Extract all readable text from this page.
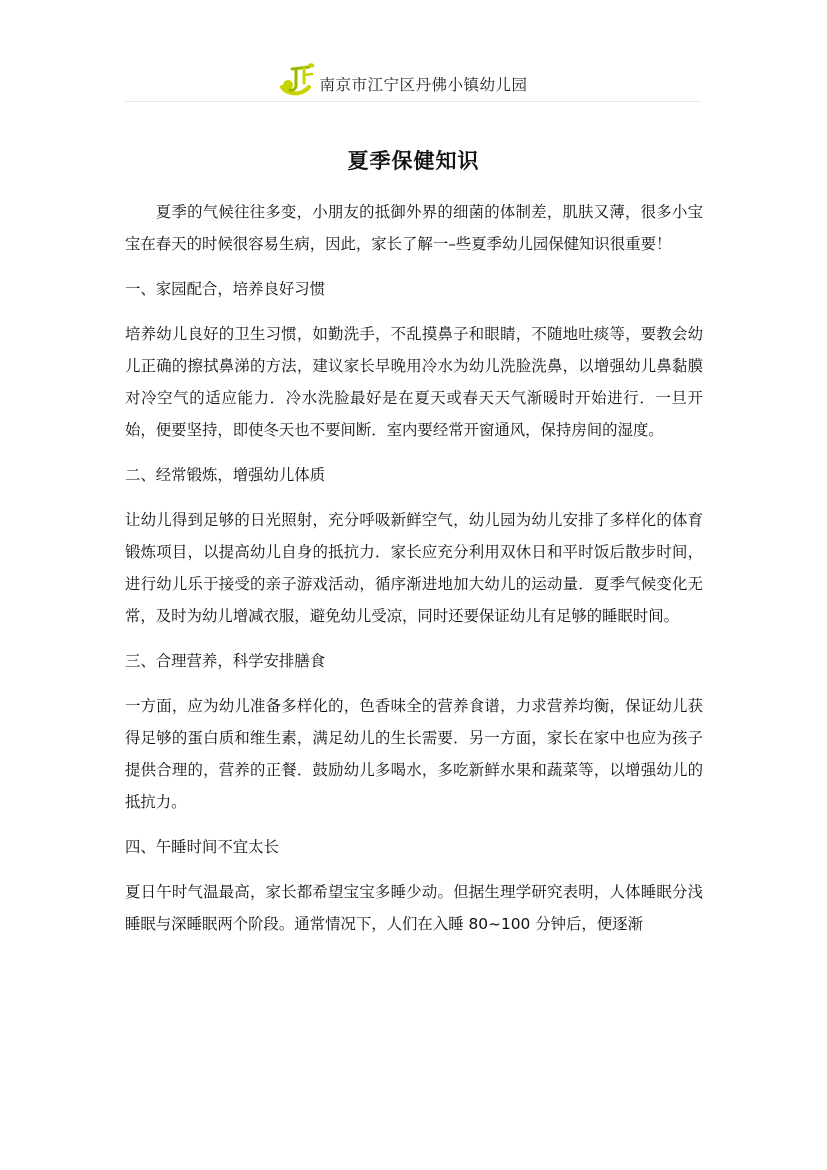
南京市江宁区丹佛小镇幼儿园
夏季保健知识

夏季的气候往往多变，小朋友的抵御外界的细菌的体制差，肌肤又薄，很多小宝宝在春天的时候很容易生病，因此，家长了解一–些夏季幼儿园保健知识很重要！

一、家园配合，培养良好习惯

培养幼儿良好的卫生习惯，如勤洗手，不乱摸鼻子和眼睛，不随地吐痰等，要教会幼儿正确的擦拭鼻涕的方法，建议家长早晚用冷水为幼儿洗脸洗鼻，以增强幼儿鼻黏膜对冷空气的适应能力．冷水洗脸最好是在夏天或春天天气渐暖时开始进行．一旦开始，便要坚持，即使冬天也不要间断．室内要经常开窗通风，保持房间的湿度。

二、经常锻炼，增强幼儿体质

让幼儿得到足够的日光照射，充分呼吸新鲜空气，幼儿园为幼儿安排了多样化的体育锻炼项目，以提高幼儿自身的抵抗力．家长应充分利用双休日和平时饭后散步时间，进行幼儿乐于接受的亲子游戏活动，循序渐进地加大幼儿的运动量．夏季气候变化无常，及时为幼儿增减衣服，避免幼儿受凉，同时还要保证幼儿有足够的睡眠时间。

三、合理营养，科学安排膳食

一方面，应为幼儿准备多样化的，色香味全的营养食谱，力求营养均衡，保证幼儿获得足够的蛋白质和维生素，满足幼儿的生长需要．另一方面，家长在家中也应为孩子提供合理的，营养的正餐．鼓励幼儿多喝水，多吃新鲜水果和蔬菜等，以增强幼儿的抵抗力。

四、午睡时间不宜太长

夏日午时气温最高，家长都希望宝宝多睡少动。但据生理学研究表明，人体睡眠分浅睡眠与深睡眠两个阶段。通常情况下，人们在入睡 80~100 分钟后，便逐渐
